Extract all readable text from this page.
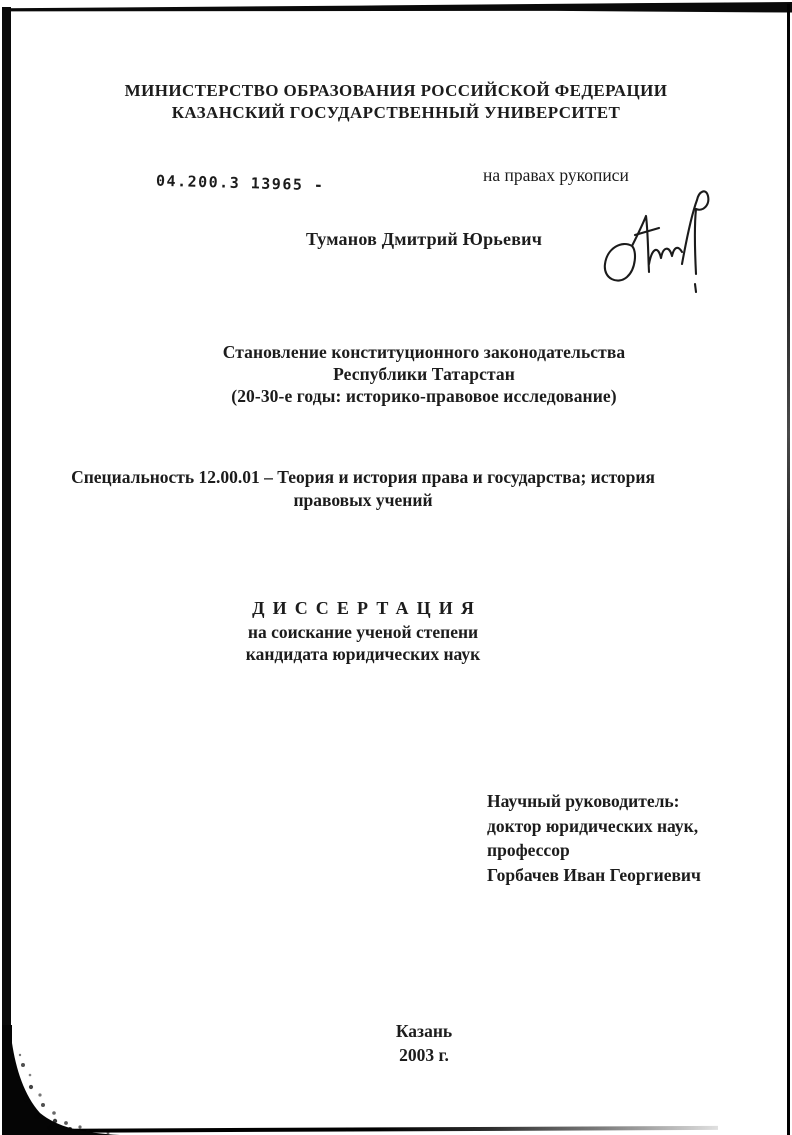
МИНИСТЕРСТВО ОБРАЗОВАНИЯ РОССИЙСКОЙ ФЕДЕРАЦИИ
КАЗАНСКИЙ ГОСУДАРСТВЕННЫЙ УНИВЕРСИТЕТ
04.200.3 13965 -	на правах рукописи
Туманов Дмитрий Юрьевич
Становление конституционного законодательства
Республики Татарстан
(20-30-е годы: историко-правовое исследование)
Специальность 12.00.01 – Теория и история права и государства; история
правовых учений
ДИССЕРТАЦИЯ
на соискание ученой степени
кандидата юридических наук
Научный руководитель:
доктор юридических наук,
профессор
Горбачев Иван Георгиевич
Казань
2003 г.
